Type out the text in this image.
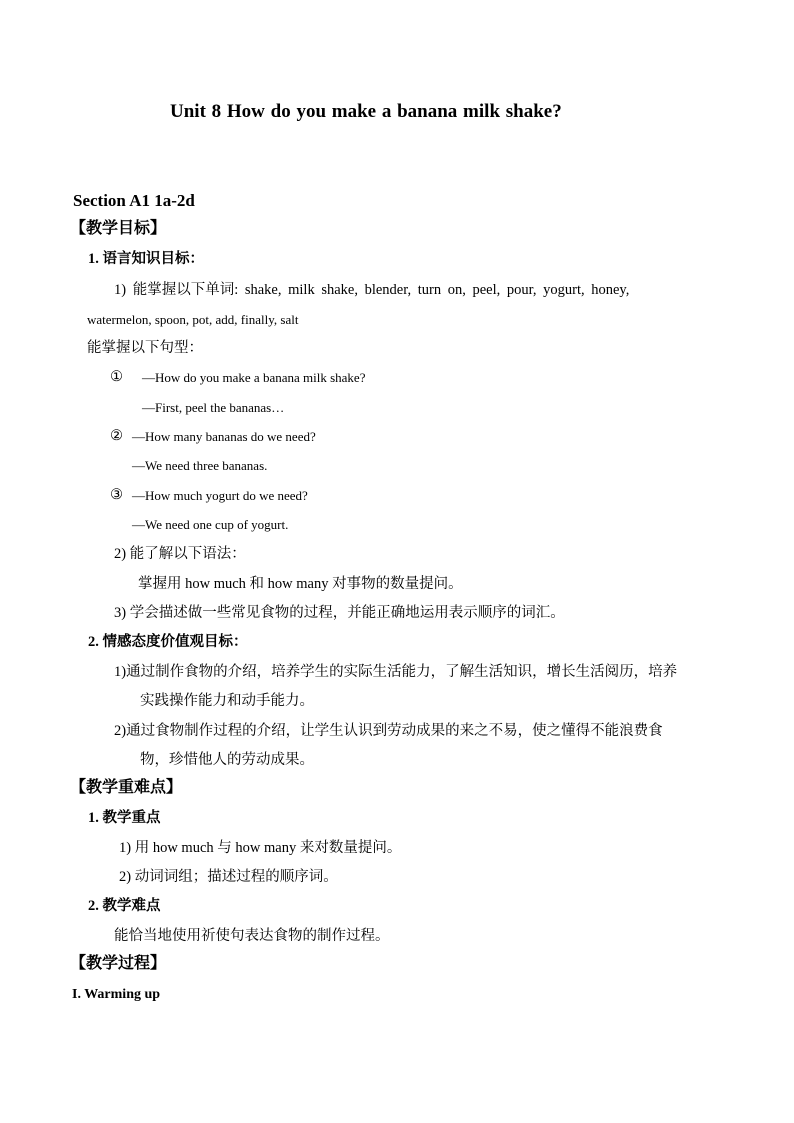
Unit 8 How do you make a banana milk shake?
Section A1 1a-2d
【教学目标】
1. 语言知识目标：
1) 能掌握以下单词: shake, milk shake, blender, turn on, peel, pour, yogurt, honey,
watermelon, spoon, pot, add, finally, salt
能掌握以下句型：
① —How do you make a banana milk shake?
—First, peel the bananas…
② —How many bananas do we need?
—We need three bananas.
③ —How much yogurt do we need?
—We need one cup of yogurt.
2) 能了解以下语法：
掌握用 how much 和 how many 对事物的数量提问。
3) 学会描述做一些常见食物的过程，并能正确地运用表示顺序的词汇。
2. 情感态度价值观目标：
1)通过制作食物的介绍，培养学生的实际生活能力，了解生活知识，增长生活阅历，培养
实践操作能力和动手能力。
2)通过食物制作过程的介绍，让学生认识到劳动成果的来之不易，使之懂得不能浪费食
物，珍惜他人的劳动成果。
【教学重难点】
1. 教学重点
1) 用 how much 与 how many 来对数量提问。
2) 动词词组；描述过程的顺序词。
2. 教学难点
能恰当地使用祈使句表达食物的制作过程。
【教学过程】
I. Warming up
